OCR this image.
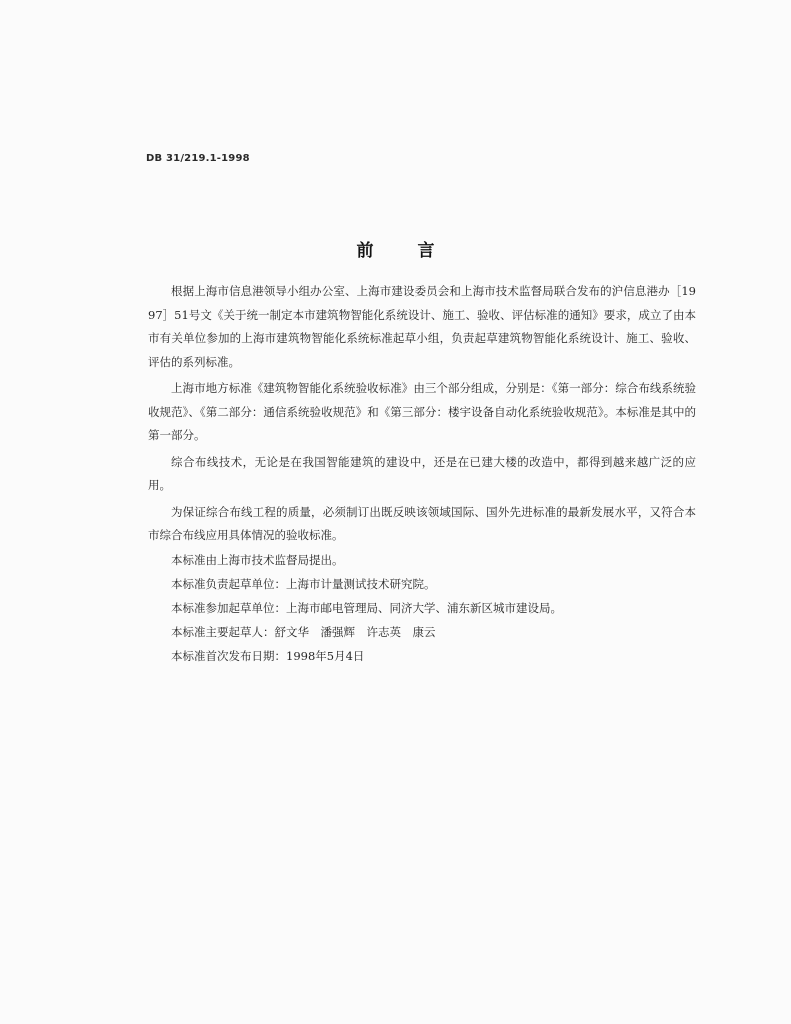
DB 31/219.1-1998
前言

根据上海市信息港领导小组办公室、上海市建设委员会和上海市技术监督局联合发布的沪信息港办［1997］51号文《关于统一制定本市建筑物智能化系统设计、施工、验收、评估标准的通知》要求，成立了由本市有关单位参加的上海市建筑物智能化系统标准起草小组，负责起草建筑物智能化系统设计、施工、验收、评估的系列标准。

上海市地方标准《建筑物智能化系统验收标准》由三个部分组成，分别是：《第一部分：综合布线系统验收规范》、《第二部分：通信系统验收规范》和《第三部分：楼宇设备自动化系统验收规范》。本标准是其中的第一部分。

综合布线技术，无论是在我国智能建筑的建设中，还是在已建大楼的改造中，都得到越来越广泛的应用。

为保证综合布线工程的质量，必须制订出既反映该领域国际、国外先进标准的最新发展水平，又符合本市综合布线应用具体情况的验收标准。

本标准由上海市技术监督局提出。

本标准负责起草单位：上海市计量测试技术研究院。

本标准参加起草单位：上海市邮电管理局、同济大学、浦东新区城市建设局。

本标准主要起草人：舒文华　潘强辉　许志英　康云

本标准首次发布日期：1998年5月4日
